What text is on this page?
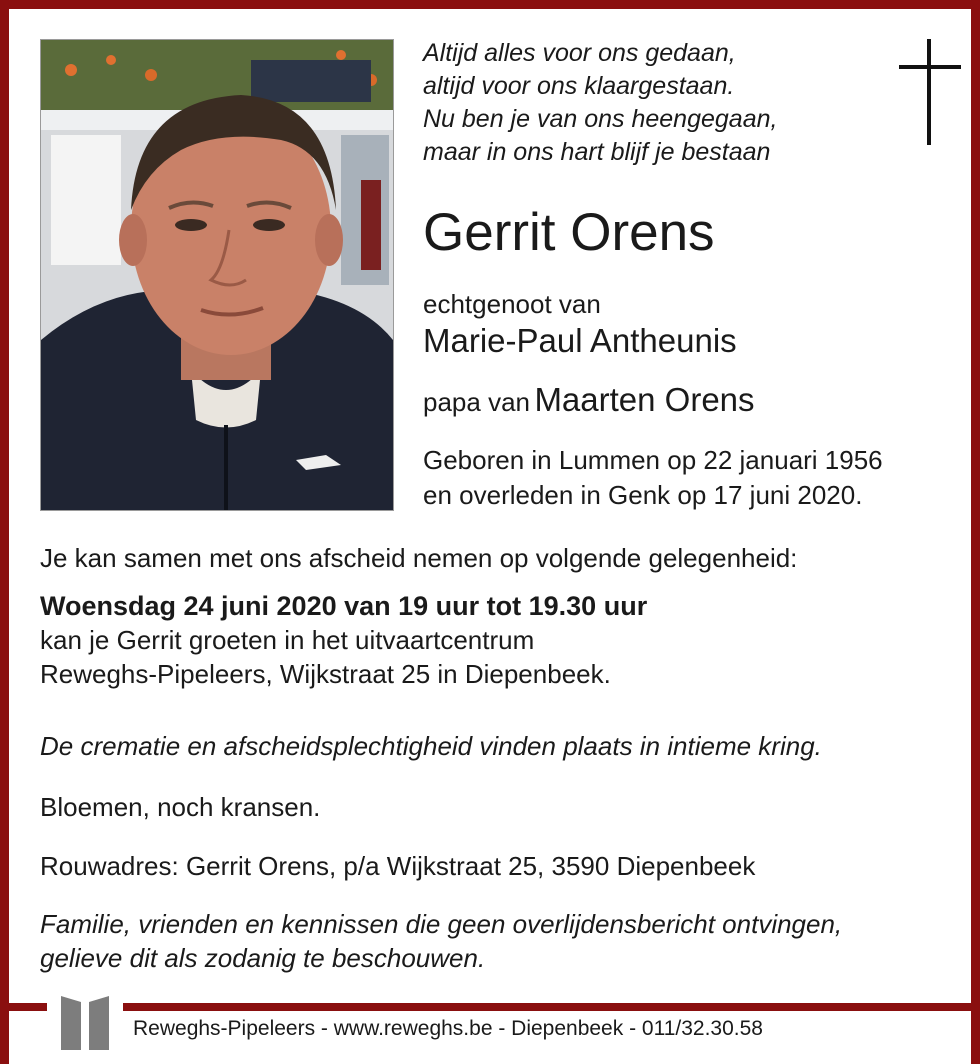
Altijd alles voor ons gedaan,
altijd voor ons klaargestaan.
Nu ben je van ons heengegaan,
maar in ons hart blijf je bestaan
Gerrit Orens
echtgenoot van
Marie-Paul Antheunis
papa van Maarten Orens
Geboren in Lummen op 22 januari 1956
en overleden in Genk op 17 juni 2020.
Je kan samen met ons afscheid nemen op volgende gelegenheid:
Woensdag 24 juni 2020 van 19 uur tot 19.30 uur
kan je Gerrit groeten in het uitvaartcentrum
Reweghs-Pipeleers, Wijkstraat 25 in Diepenbeek.
De crematie en afscheidsplechtigheid vinden plaats in intieme kring.
Bloemen, noch kransen.
Rouwadres: Gerrit Orens, p/a Wijkstraat 25, 3590 Diepenbeek
Familie, vrienden en kennissen die geen overlijdensbericht ontvingen,
gelieve dit als zodanig te beschouwen.
Reweghs-Pipeleers - www.reweghs.be - Diepenbeek - 011/32.30.58
